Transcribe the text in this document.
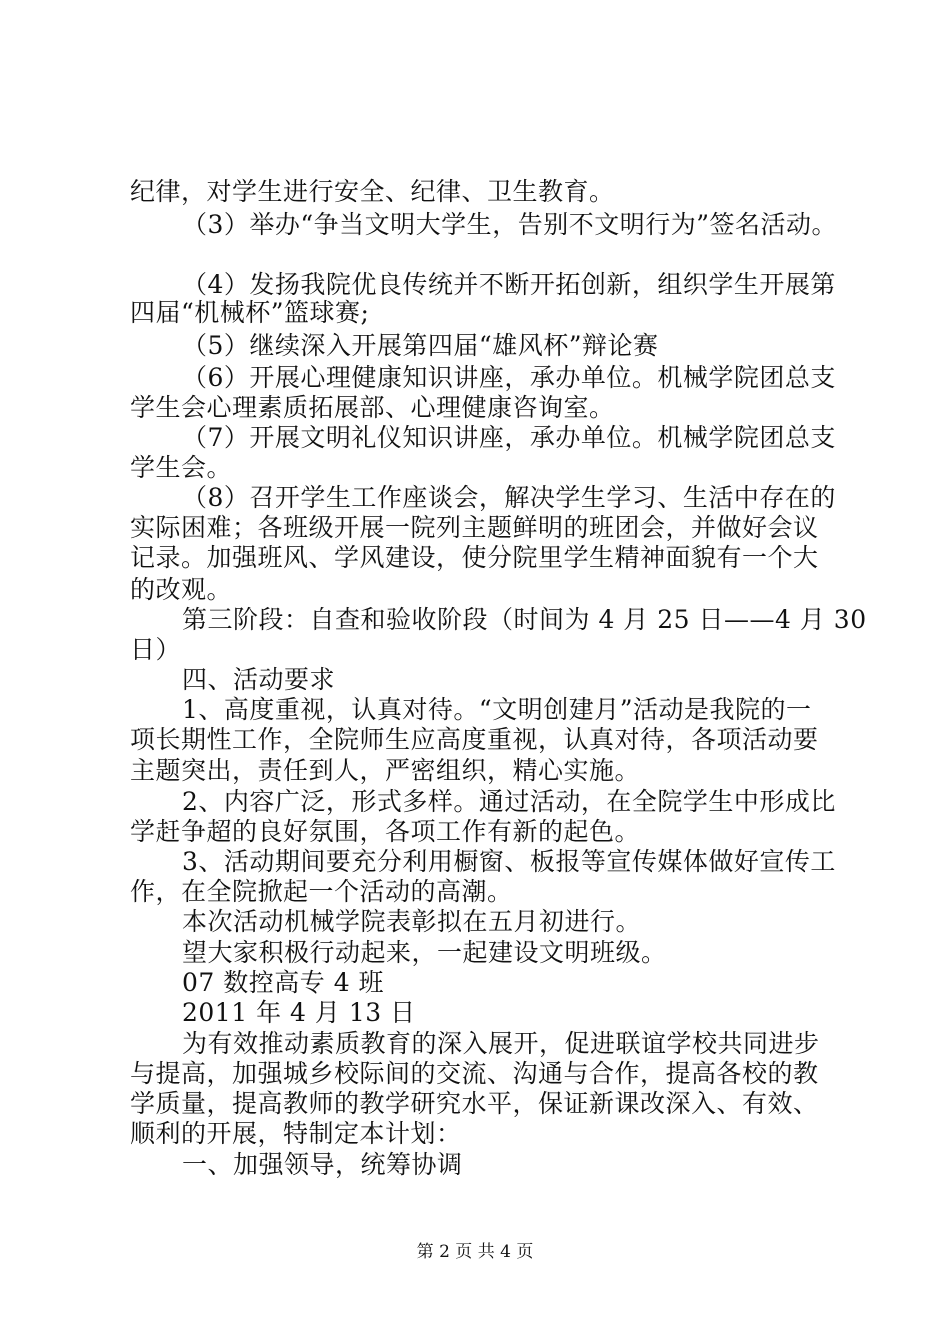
纪律，对学生进行安全、纪律、卫生教育。
（3）举办“争当文明大学生，告别不文明行为”签名活动。
（4）发扬我院优良传统并不断开拓创新，组织学生开展第
四届“机械杯”篮球赛;
（5）继续深入开展第四届“雄风杯”辩论赛
（6）开展心理健康知识讲座，承办单位。机械学院团总支
学生会心理素质拓展部、心理健康咨询室。
（7）开展文明礼仪知识讲座，承办单位。机械学院团总支
学生会。
（8）召开学生工作座谈会，解决学生学习、生活中存在的
实际困难；各班级开展一院列主题鲜明的班团会，并做好会议
记录。加强班风、学风建设，使分院里学生精神面貌有一个大
的改观。
第三阶段：自查和验收阶段（时间为 4 月 25 日——4 月 30
日）
四、活动要求
1、高度重视，认真对待。“文明创建月”活动是我院的一
项长期性工作，全院师生应高度重视，认真对待，各项活动要
主题突出，责任到人，严密组织，精心实施。
2、内容广泛，形式多样。通过活动，在全院学生中形成比
学赶争超的良好氛围，各项工作有新的起色。
3、活动期间要充分利用橱窗、板报等宣传媒体做好宣传工
作，在全院掀起一个活动的高潮。
本次活动机械学院表彰拟在五月初进行。
望大家积极行动起来，一起建设文明班级。
07 数控高专 4 班
2011 年 4 月 13 日
为有效推动素质教育的深入展开，促进联谊学校共同进步
与提高，加强城乡校际间的交流、沟通与合作，提高各校的教
学质量，提高教师的教学研究水平，保证新课改深入、有效、
顺利的开展，特制定本计划：
一、加强领导，统筹协调
第 2 页 共 4 页
